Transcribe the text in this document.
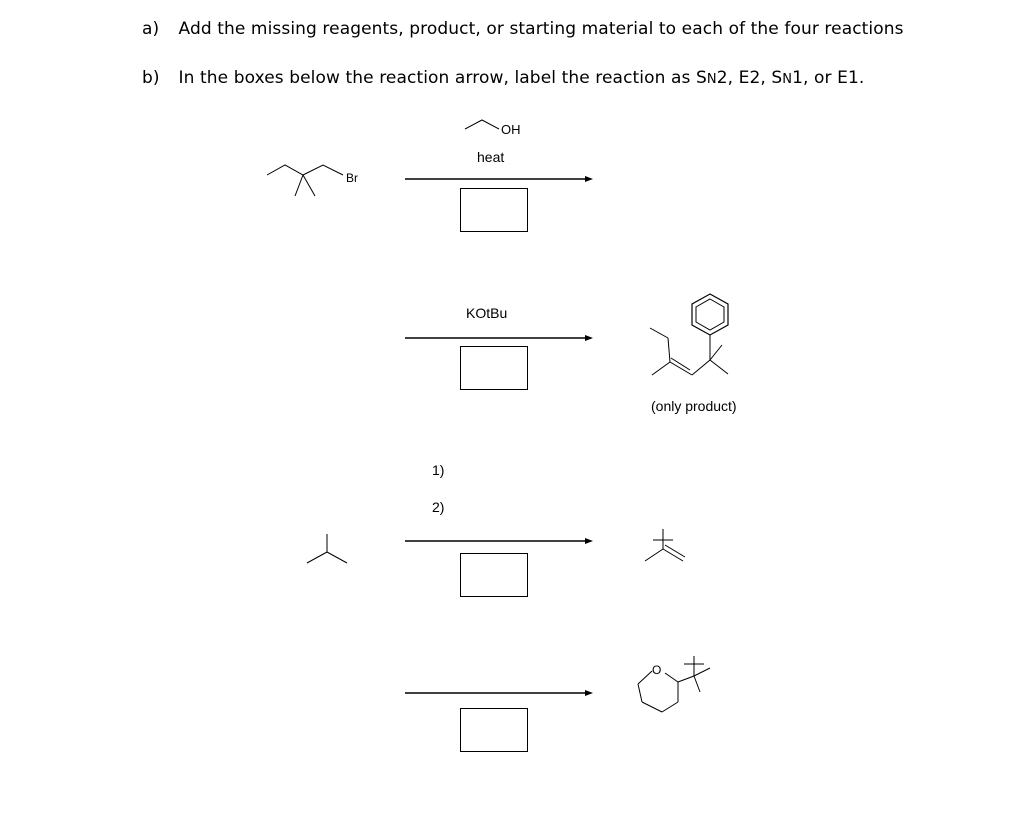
a) Add the missing reagents, product, or starting material to each of the four reactions
b) In the boxes below the reaction arrow, label the reaction as SN2, E2, SN1, or E1.
OH
heat
Br
KOtBu
(only product)
1)
2)
O
